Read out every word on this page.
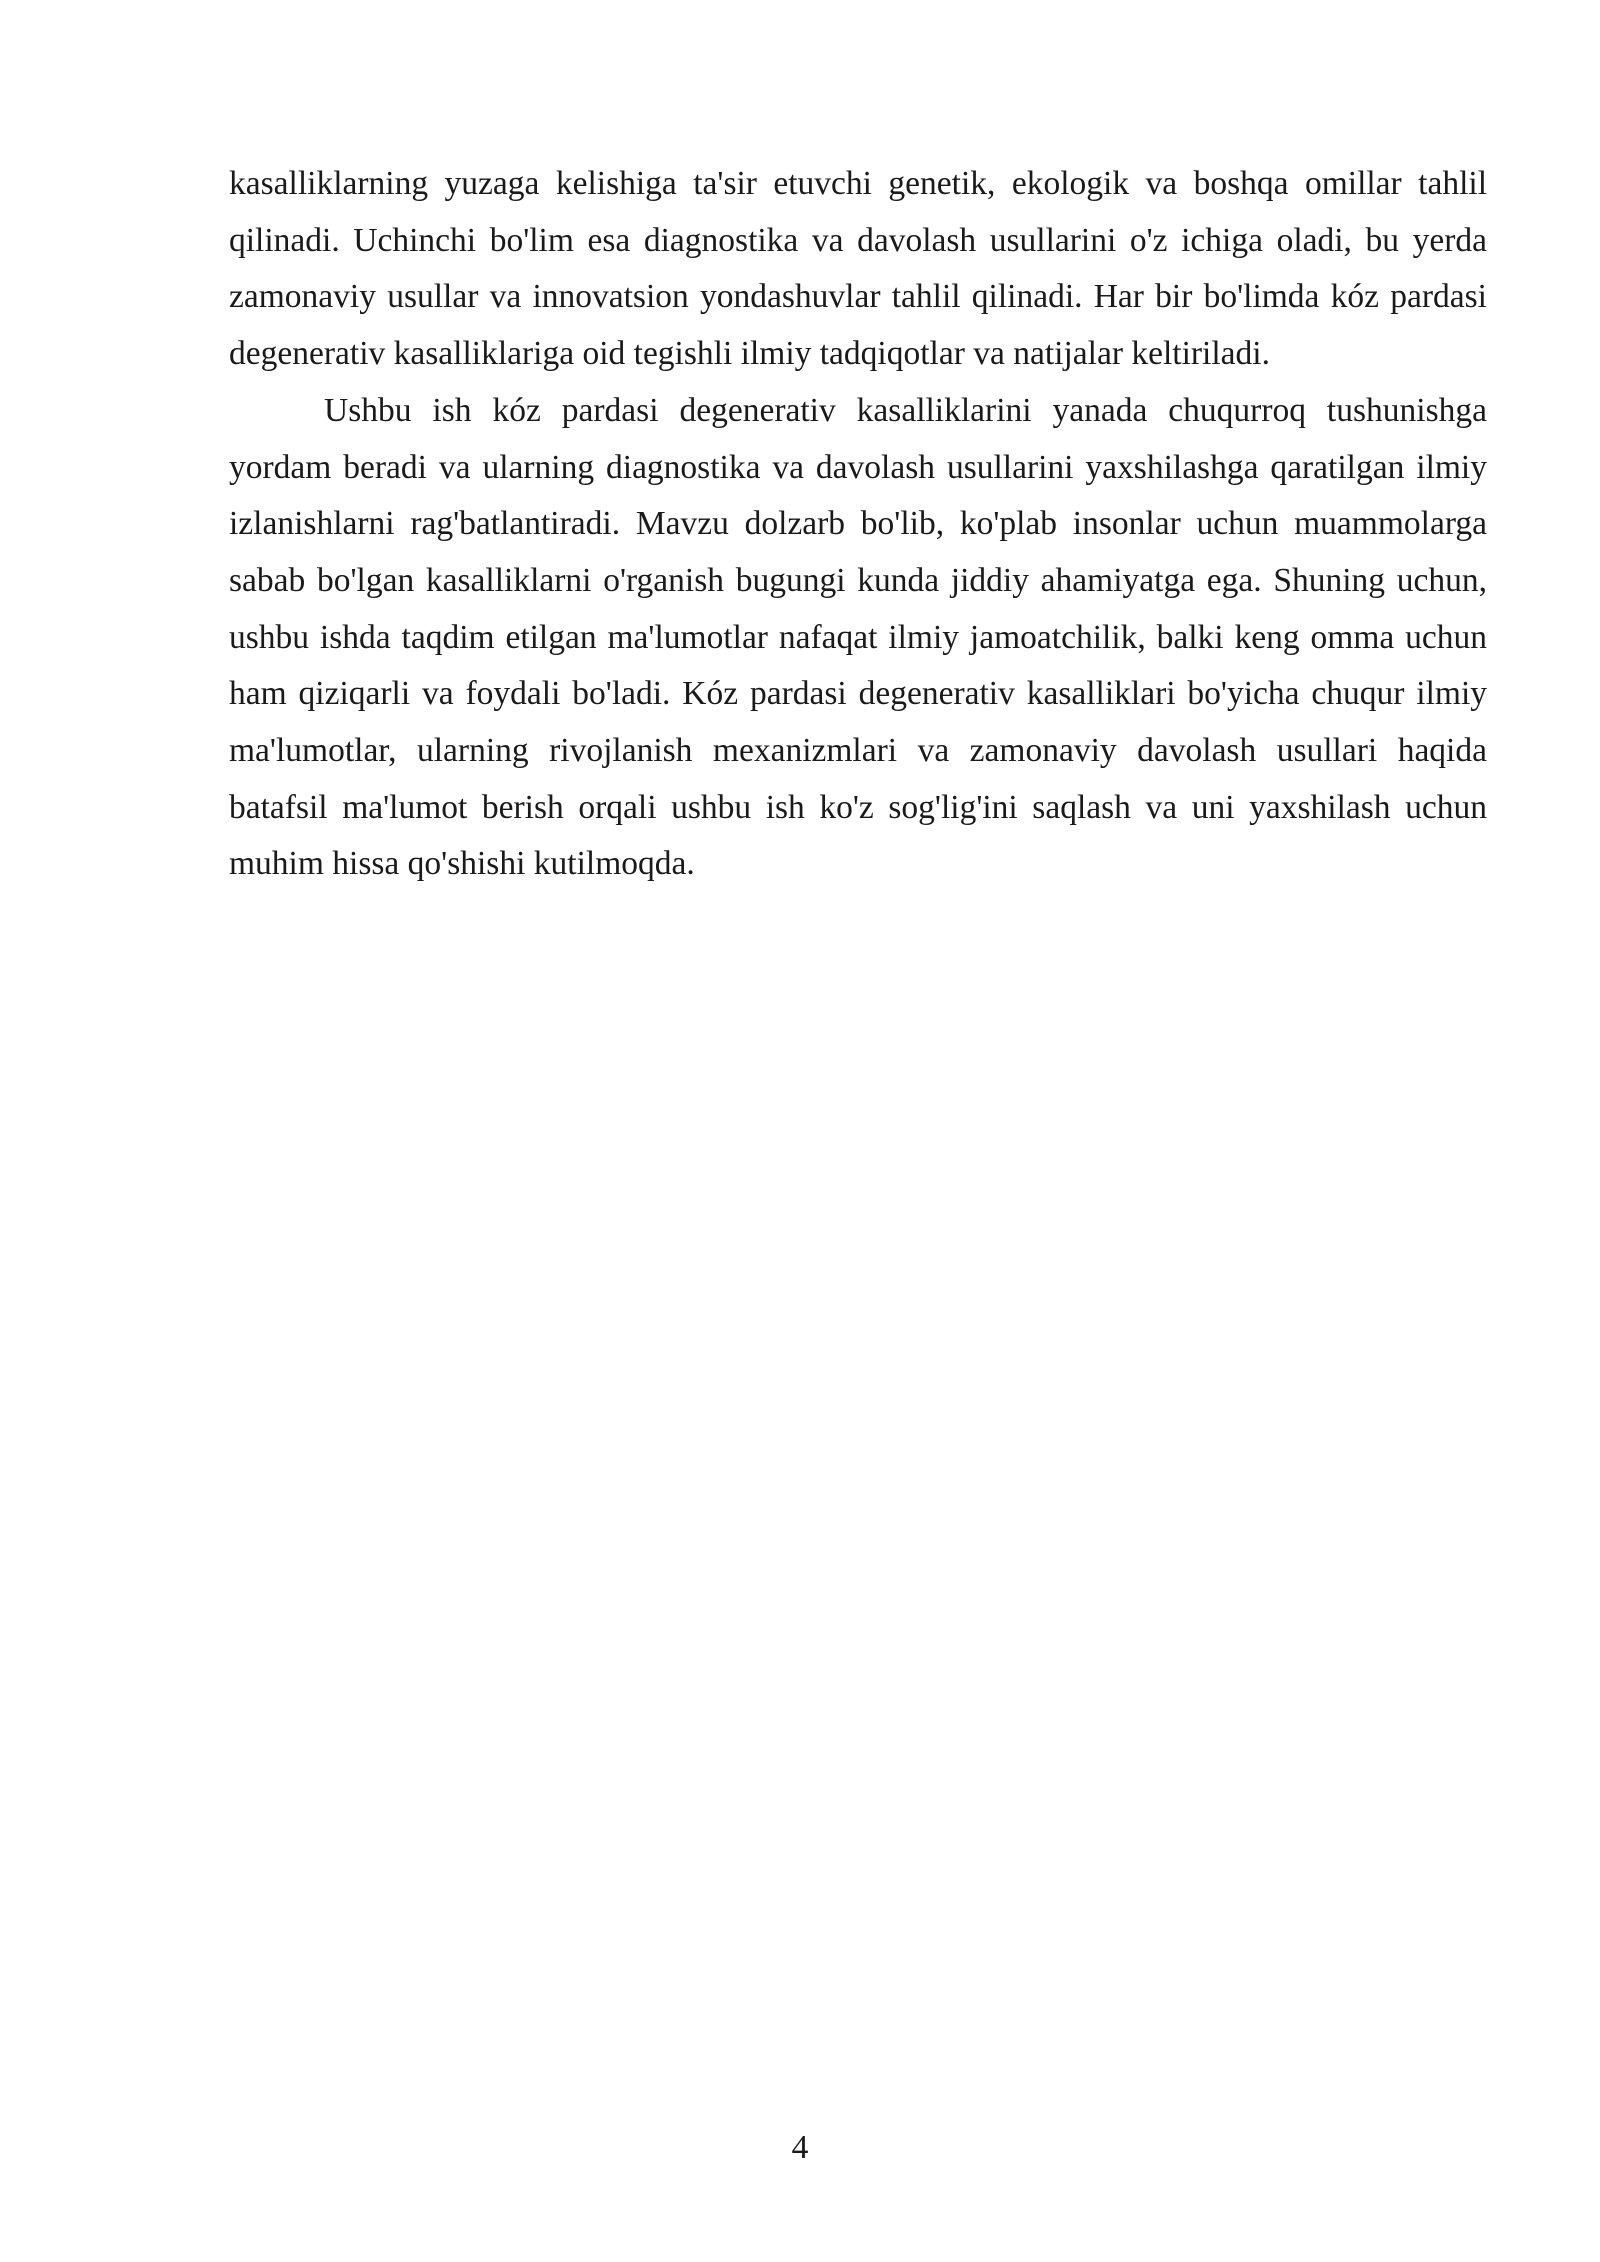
kasalliklarning yuzaga kelishiga ta'sir etuvchi genetik, ekologik va boshqa omillar tahlil qilinadi. Uchinchi bo'lim esa diagnostika va davolash usullarini o'z ichiga oladi, bu yerda zamonaviy usullar va innovatsion yondashuvlar tahlil qilinadi. Har bir bo'limda kóz pardasi degenerativ kasalliklariga oid tegishli ilmiy tadqiqotlar va natijalar keltiriladi.

Ushbu ish kóz pardasi degenerativ kasalliklarini yanada chuqurroq tushunishga yordam beradi va ularning diagnostika va davolash usullarini yaxshilashga qaratilgan ilmiy izlanishlarni rag'batlantiradi. Mavzu dolzarb bo'lib, ko'plab insonlar uchun muammolarga sabab bo'lgan kasalliklarni o'rganish bugungi kunda jiddiy ahamiyatga ega. Shuning uchun, ushbu ishda taqdim etilgan ma'lumotlar nafaqat ilmiy jamoatchilik, balki keng omma uchun ham qiziqarli va foydali bo'ladi. Kóz pardasi degenerativ kasalliklari bo'yicha chuqur ilmiy ma'lumotlar, ularning rivojlanish mexanizmlari va zamonaviy davolash usullari haqida batafsil ma'lumot berish orqali ushbu ish ko'z sog'lig'ini saqlash va uni yaxshilash uchun muhim hissa qo'shishi kutilmoqda.

4
